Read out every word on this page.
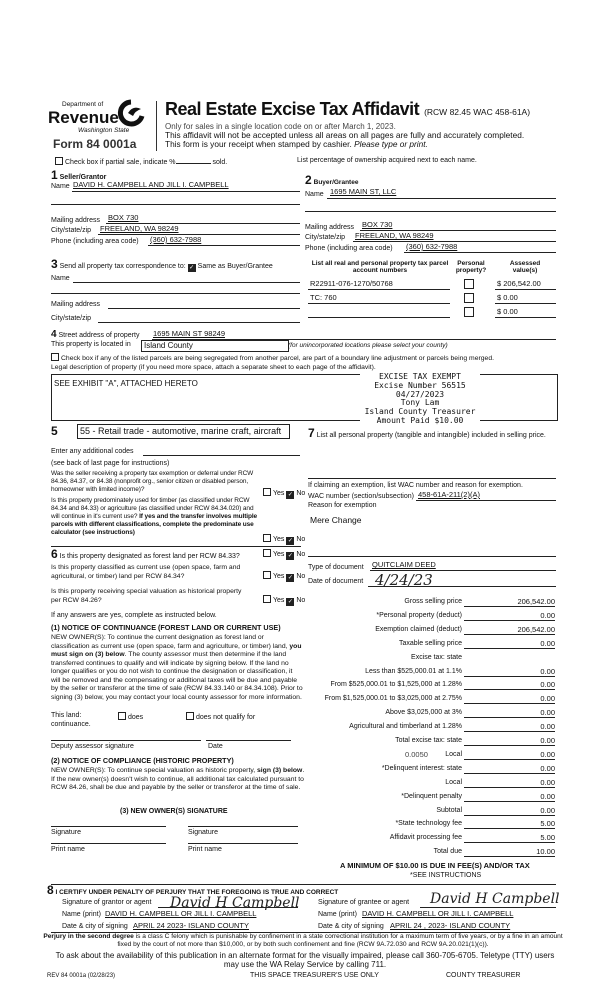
Department of
Revenue
Washington State
Form 84 0001a
Real Estate Excise Tax Affidavit (RCW 82.45 WAC 458-61A)
Only for sales in a single location code on or after March 1, 2023.
This affidavit will not be accepted unless all areas on all pages are fully and accurately completed.
This form is your receipt when stamped by cashier. Please type or print.
Check box if partial sale, indicate %	sold.	List percentage of ownership acquired next to each name.
1 Seller/Grantor
Name DAVID H. CAMPBELL AND JILL I. CAMPBELL
Mailing address BOX 730
City/state/zip FREELAND, WA 98249
Phone (including area code) (360) 632-7988
2 Buyer/Grantee
Name 1695 MAIN ST, LLC
Mailing address BOX 730
City/state/zip FREELAND, WA 98249
Phone (including area code) (360) 632-7988
3 Send all property tax correspondence to: ✓ Same as Buyer/Grantee
Name
Mailing address
City/state/zip
List all real and personal property tax parcel account numbers
Personal property?
Assessed value(s)
R22911-076-1270/50768	$ 206,542.00
TC: 760	$ 0.00
$ 0.00
4 Street address of property 1695 MAIN ST 98249
This property is located in	Island County	(for unincorporated locations please select your county)
Check box if any of the listed parcels are being segregated from another parcel, are part of a boundary line adjustment or parcels being merged.
Legal description of property (if you need more space, attach a separate sheet to each page of the affidavit).
SEE EXHIBIT "A", ATTACHED HERETO
EXCISE TAX EXEMPT
Excise Number 56515
04/27/2023
Tony Lam
Island County Treasurer
Amount Paid $10.00
5	55 - Retail trade - automotive, marine craft, aircraft
Enter any additional codes
(see back of last page for instructions)
Was the seller receiving a property tax exemption or deferral under RCW 84.36, 84.37, or 84.38 (nonprofit org., senior citizen or disabled person, homeowner with limited income)?
Yes ✓ No
Is this property predominately used for timber (as classified under RCW 84.34 and 84.33) or agriculture (as classified under RCW 84.34.020) and will continue in it's current use? If yes and the transfer involves multiple parcels with different classifications, complete the predominate use calculator (see instructions)
Yes ✓ No
6 Is this property designated as forest land per RCW 84.33?	Yes ✓ No
Is this property classified as current use (open space, farm and agricultural, or timber) land per RCW 84.34?	Yes ✓ No
Is this property receiving special valuation as historical property per RCW 84.26?	Yes ✓ No
If any answers are yes, complete as instructed below.
(1) NOTICE OF CONTINUANCE (FOREST LAND OR CURRENT USE)
NEW OWNER(S): To continue the current designation as forest land or classification as current use (open space, farm and agriculture, or timber) land, you must sign on (3) below. The county assessor must then determine if the land transferred continues to qualify and will indicate by signing below. If the land no longer qualifies or you do not wish to continue the designation or classification, it will be removed and the compensating or additional taxes will be due and payable by the seller or transferor at the time of sale (RCW 84.33.140 or 84.34.108). Prior to signing (3) below, you may contact your local county assessor for more information.
This land:	does	does not qualify for
continuance.
Deputy assessor signature	Date
(2) NOTICE OF COMPLIANCE (HISTORIC PROPERTY)
NEW OWNER(S): To continue special valuation as historic property, sign (3) below. If the new owner(s) doesn't wish to continue, all additional tax calculated pursuant to RCW 84.26, shall be due and payable by the seller or transferor at the time of sale.
(3) NEW OWNER(S) SIGNATURE
Signature	Signature
Print name	Print name
7 List all personal property (tangible and intangible) included in selling price.
If claiming an exemption, list WAC number and reason for exemption.
WAC number (section/subsection) 458-61A-211(2)(A)
Reason for exemption
Mere Change
Type of document QUITCLAIM DEED
Date of document 4/24/23
Gross selling price	206,542.00
*Personal property (deduct)	0.00
Exemption claimed (deduct)	206,542.00
Taxable selling price	0.00
Excise tax: state
Less than $525,000.01 at 1.1%	0.00
From $525,000.01 to $1,525,000 at 1.28%	0.00
From $1,525,000.01 to $3,025,000 at 2.75%	0.00
Above $3,025,000 at 3%	0.00
Agricultural and timberland at 1.28%	0.00
Total excise tax: state	0.00
Local
0.0050	0.00
*Delinquent interest: state	0.00
Local	0.00
*Delinquent penalty	0.00
Subtotal	0.00
*State technology fee	5.00
Affidavit processing fee	5.00
Total due	10.00
A MINIMUM OF $10.00 IS DUE IN FEE(S) AND/OR TAX
*SEE INSTRUCTIONS
8 I CERTIFY UNDER PENALTY OF PERJURY THAT THE FOREGOING IS TRUE AND CORRECT
Signature of grantor or agent David H Campbell
Name (print) DAVID H. CAMPBELL OR JILL I. CAMPBELL
Date & city of signing APRIL 24 2023- ISLAND COUNTY
Signature of grantee or agent David H Campbell
Name (print) DAVID H. CAMPBELL OR JILL I. CAMPBELL
Date & city of signing APRIL 24 , 2023- ISLAND COUNTY
Perjury in the second degree is a class C felony which is punishable by confinement in a state correctional institution for a maximum term of five years, or by a fine in an amount fixed by the court of not more than $10,000, or by both such confinement and fine (RCW 9A.72.030 and RCW 9A.20.021(1)(c)).
To ask about the availability of this publication in an alternate format for the visually impaired, please call 360-705-6705. Teletype (TTY) users may use the WA Relay Service by calling 711.
REV 84 0001a (02/28/23)	THIS SPACE TREASURER'S USE ONLY	COUNTY TREASURER
